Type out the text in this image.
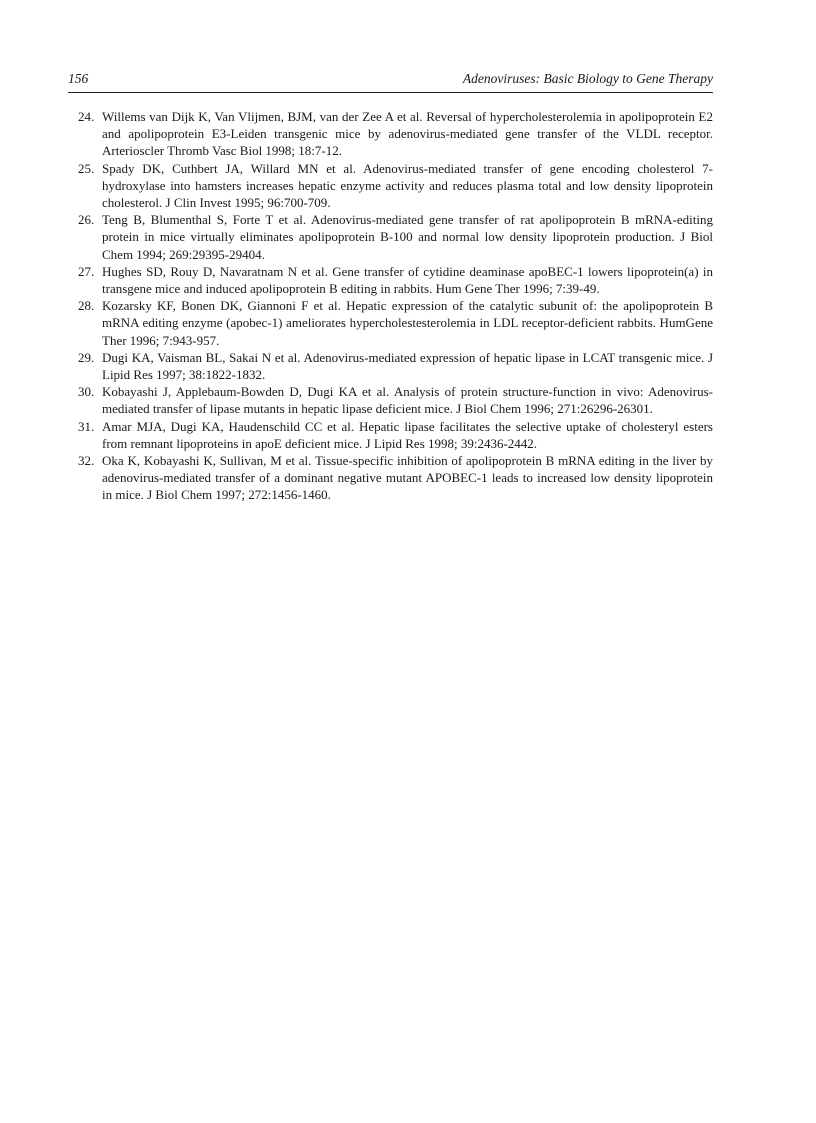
156	Adenoviruses: Basic Biology to Gene Therapy
24. Willems van Dijk K, Van Vlijmen, BJM, van der Zee A et al. Reversal of hypercholesterolemia in apolipoprotein E2 and apolipoprotein E3-Leiden transgenic mice by adenovirus-mediated gene transfer of the VLDL receptor. Arterioscler Thromb Vasc Biol 1998; 18:7-12.
25. Spady DK, Cuthbert JA, Willard MN et al. Adenovirus-mediated transfer of gene encoding cholesterol 7-hydroxylase into hamsters increases hepatic enzyme activity and reduces plasma total and low density lipoprotein cholesterol. J Clin Invest 1995; 96:700-709.
26. Teng B, Blumenthal S, Forte T et al. Adenovirus-mediated gene transfer of rat apolipoprotein B mRNA-editing protein in mice virtually eliminates apolipoprotein B-100 and normal low density lipoprotein production. J Biol Chem 1994; 269:29395-29404.
27. Hughes SD, Rouy D, Navaratnam N et al. Gene transfer of cytidine deaminase apoBEC-1 lowers lipoprotein(a) in transgene mice and induced apolipoprotein B editing in rabbits. Hum Gene Ther 1996; 7:39-49.
28. Kozarsky KF, Bonen DK, Giannoni F et al. Hepatic expression of the catalytic subunit of: the apolipoprotein B mRNA editing enzyme (apobec-1) ameliorates hypercholestesterolemia in LDL receptor-deficient rabbits. HumGene Ther 1996; 7:943-957.
29. Dugi KA, Vaisman BL, Sakai N et al. Adenovirus-mediated expression of hepatic lipase in LCAT transgenic mice. J Lipid Res 1997; 38:1822-1832.
30. Kobayashi J, Applebaum-Bowden D, Dugi KA et al. Analysis of protein structure-function in vivo: Adenovirus-mediated transfer of lipase mutants in hepatic lipase deficient mice. J Biol Chem 1996; 271:26296-26301.
31. Amar MJA, Dugi KA, Haudenschild CC et al. Hepatic lipase facilitates the selective uptake of cholesteryl esters from remnant lipoproteins in apoE deficient mice. J Lipid Res 1998; 39:2436-2442.
32. Oka K, Kobayashi K, Sullivan, M et al. Tissue-specific inhibition of apolipoprotein B mRNA editing in the liver by adenovirus-mediated transfer of a dominant negative mutant APOBEC-1 leads to increased low density lipoprotein in mice. J Biol Chem 1997; 272:1456-1460.
